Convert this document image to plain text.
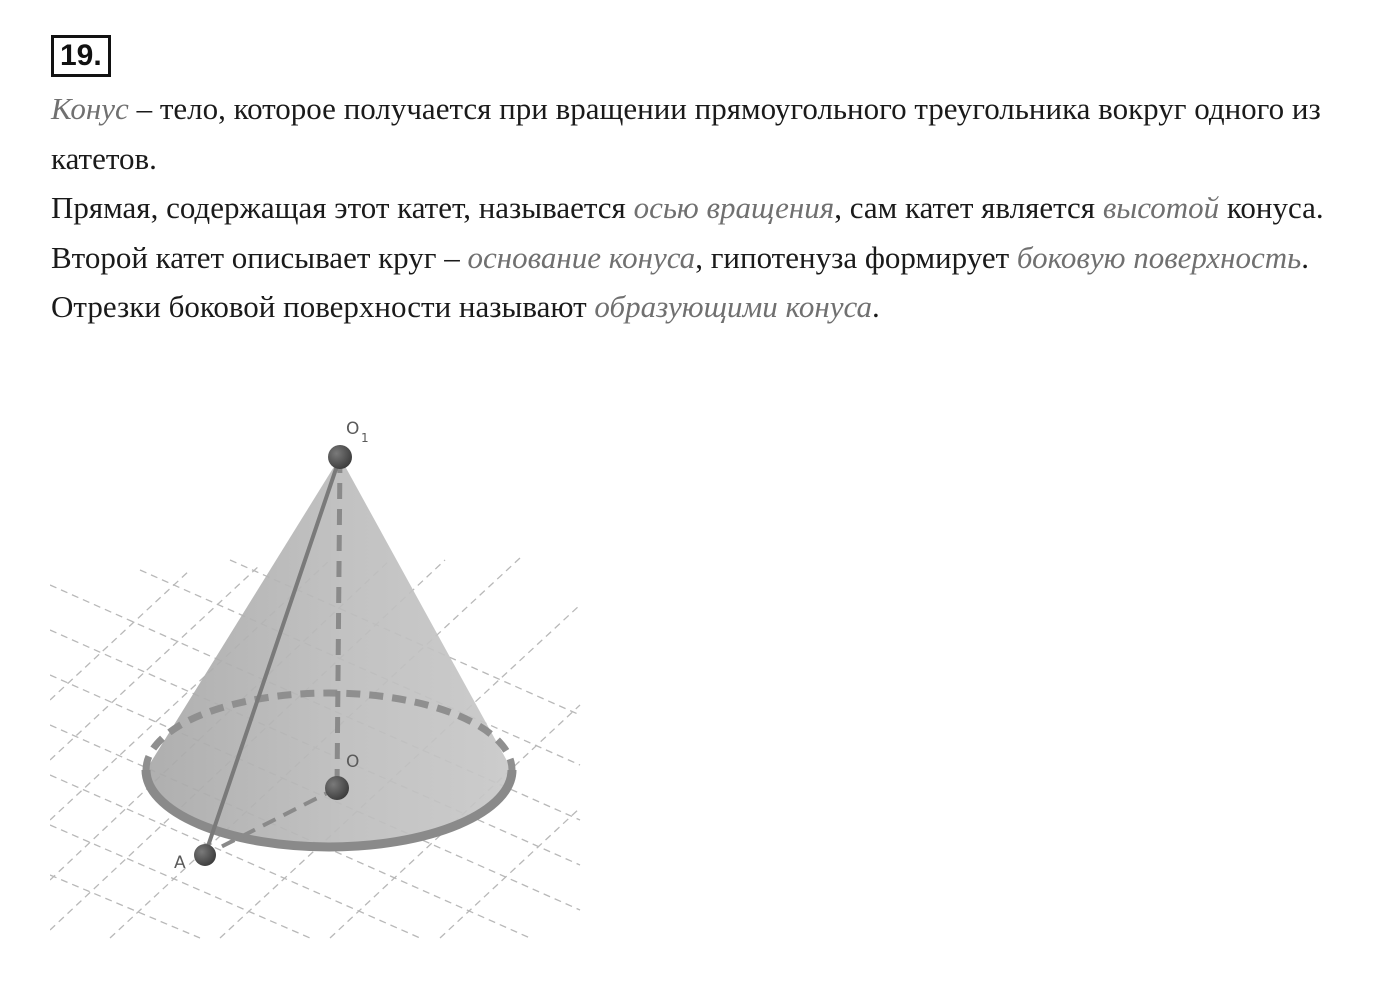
19.

Конус – тело, которое получается при вращении прямоугольного треугольника вокруг одного из катетов.

Прямая, содержащая этот катет, называется осью вращения, сам катет является высотой конуса. Второй катет описывает круг – основание конуса, гипотенуза формирует боковую поверхность. Отрезки боковой поверхности называют образующими конуса.

O 1
O
A
